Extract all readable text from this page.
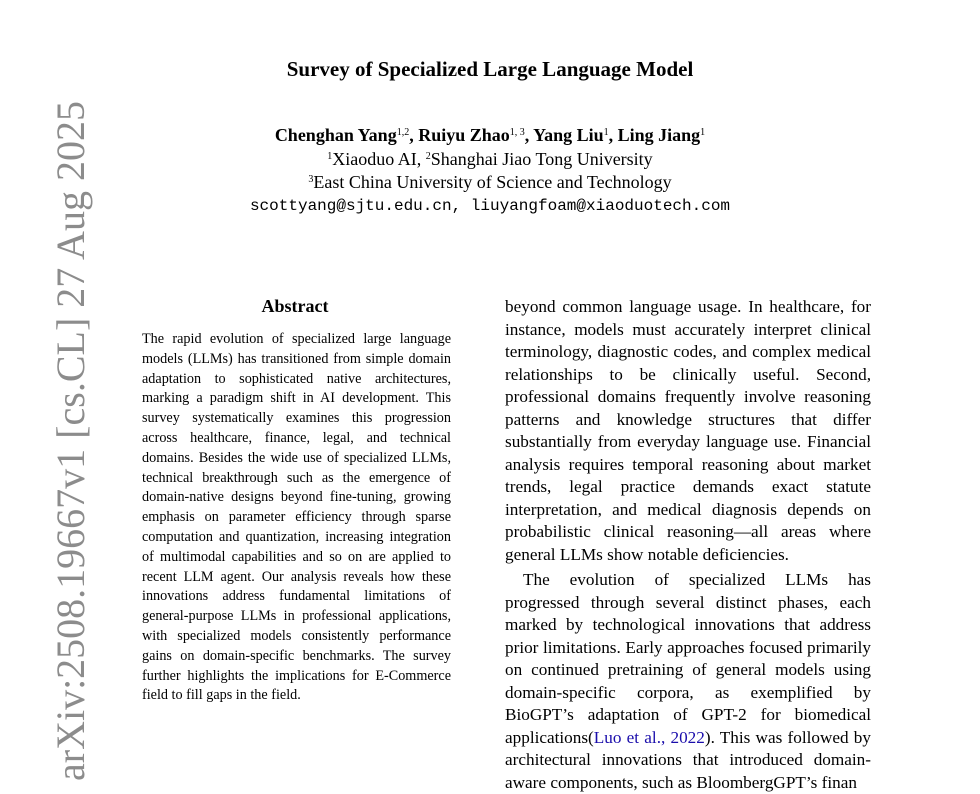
arXiv:2508.19667v1 [cs.CL] 27 Aug 2025
Survey of Specialized Large Language Model
Chenghan Yang$^{1,2}$, Ruiyu Zhao$^{1, 3}$, Yang Liu$^1$, Ling Jiang$^1$
$^1$Xiaoduo AI, $^2$Shanghai Jiao Tong University
$^3$East China University of Science and Technology
scottyang@sjtu.edu.cn, liuyangfoam@xiaoduotech.com
Abstract
The rapid evolution of specialized large language models (LLMs) has transitioned from simple domain adaptation to sophisticated native architectures, marking a paradigm shift in AI development. This survey systematically examines this progression across healthcare, finance, legal, and technical domains. Besides the wide use of specialized LLMs, technical breakthrough such as the emergence of domain-native designs beyond fine-tuning, growing emphasis on parameter efficiency through sparse computation and quantization, increasing integration of multimodal capabilities and so on are applied to recent LLM agent. Our analysis reveals how these innovations address fundamental limitations of general-purpose LLMs in professional applications, with specialized models consistently performance gains on domain-specific benchmarks. The survey further highlights the implications for E-Commerce field to fill gaps in the field.

beyond common language usage. In healthcare, for instance, models must accurately interpret clinical terminology, diagnostic codes, and complex medical relationships to be clinically useful. Second, professional domains frequently involve reasoning patterns and knowledge structures that differ substantially from everyday language use. Financial analysis requires temporal reasoning about market trends, legal practice demands exact statute interpretation, and medical diagnosis depends on probabilistic clinical reasoning—all areas where general LLMs show notable deficiencies.

The evolution of specialized LLMs has progressed through several distinct phases, each marked by technological innovations that address prior limitations. Early approaches focused primarily on continued pretraining of general models using domain-specific corpora, as exemplified by BioGPT’s adaptation of GPT-2 for biomedical applications(Luo et al., 2022). This was followed by architectural innovations that introduced domain-aware components, such as BloombergGPT’s finan
